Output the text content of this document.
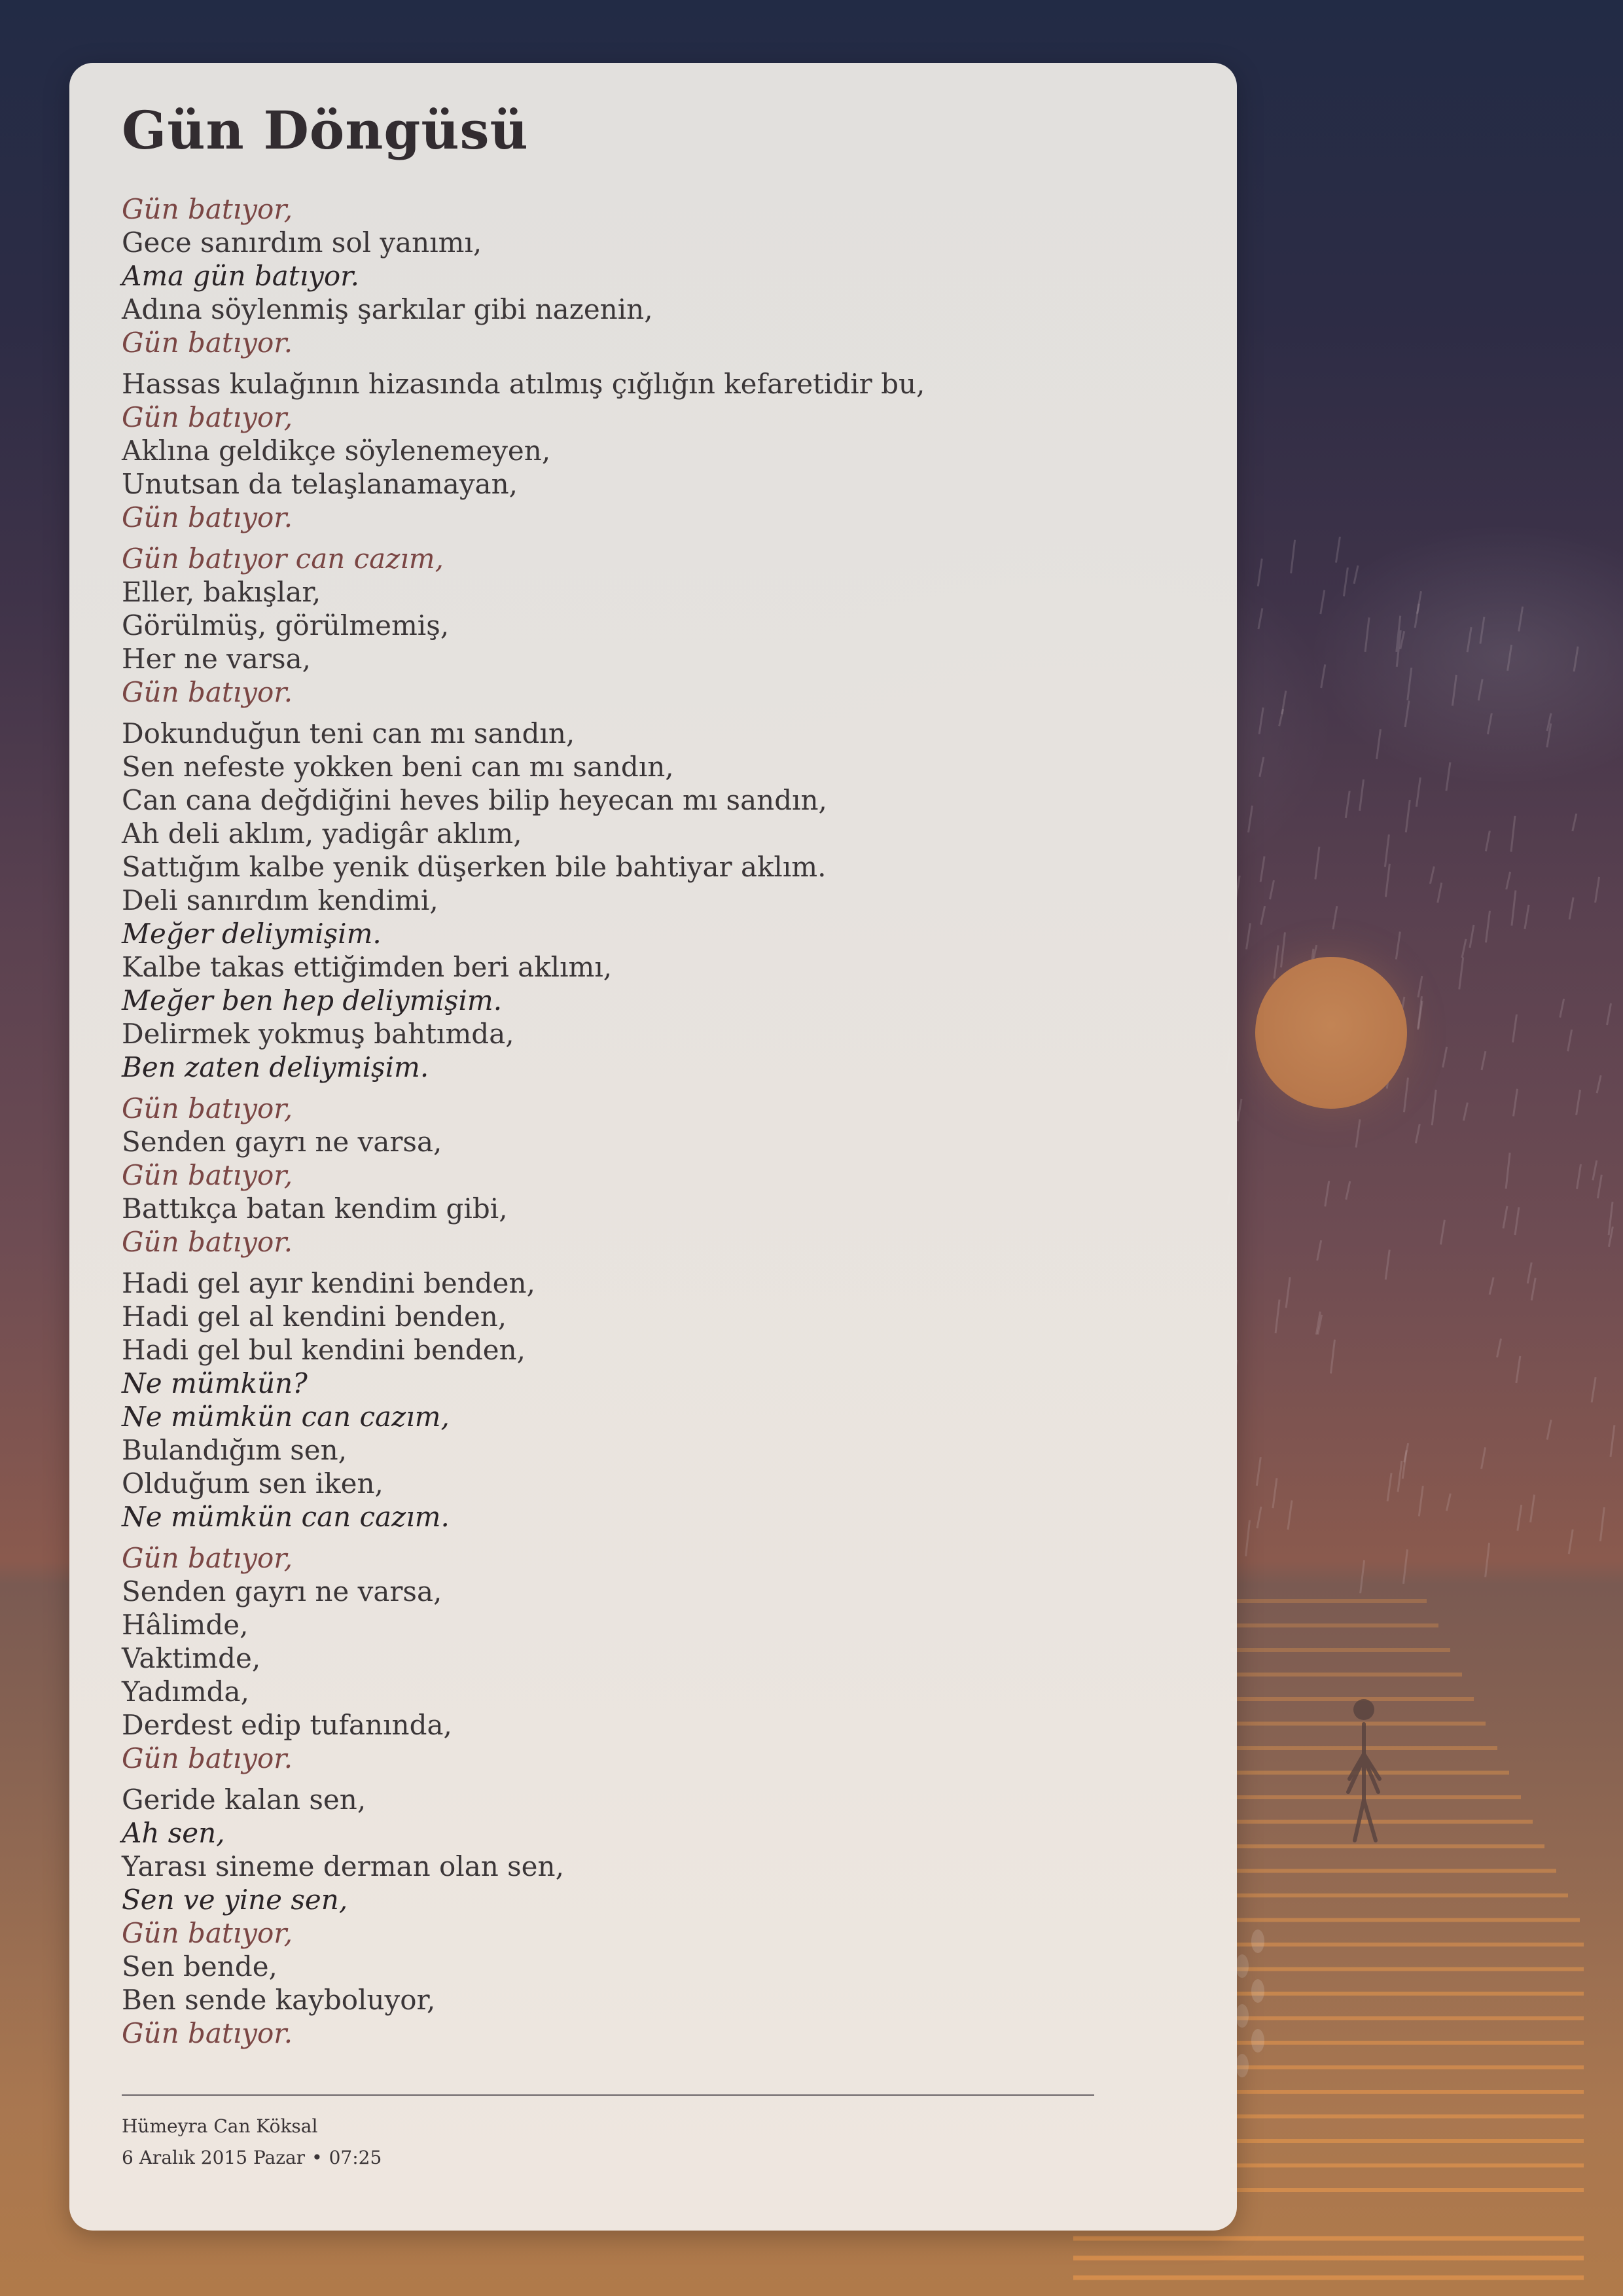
Gün Döngüsü
Gün batıyor,
Gece sanırdım sol yanımı,
Ama gün batıyor.
Adına söylenmiş şarkılar gibi nazenin,
Gün batıyor.
Hassas kulağının hizasında atılmış çığlığın kefaretidir bu,
Gün batıyor,
Aklına geldikçe söylenemeyen,
Unutsan da telaşlanamayan,
Gün batıyor.
Gün batıyor can cazım,
Eller, bakışlar,
Görülmüş, görülmemiş,
Her ne varsa,
Gün batıyor.
Dokunduğun teni can mı sandın,
Sen nefeste yokken beni can mı sandın,
Can cana değdiğini heves bilip heyecan mı sandın,
Ah deli aklım, yadigâr aklım,
Sattığım kalbe yenik düşerken bile bahtiyar aklım.
Deli sanırdım kendimi,
Meğer deliymişim.
Kalbe takas ettiğimden beri aklımı,
Meğer ben hep deliymişim.
Delirmek yokmuş bahtımda,
Ben zaten deliymişim.
Gün batıyor,
Senden gayrı ne varsa,
Gün batıyor,
Battıkça batan kendim gibi,
Gün batıyor.
Hadi gel ayır kendini benden,
Hadi gel al kendini benden,
Hadi gel bul kendini benden,
Ne mümkün?
Ne mümkün can cazım,
Bulandığım sen,
Olduğum sen iken,
Ne mümkün can cazım.
Gün batıyor,
Senden gayrı ne varsa,
Hâlimde,
Vaktimde,
Yadımda,
Derdest edip tufanında,
Gün batıyor.
Geride kalan sen,
Ah sen,
Yarası sineme derman olan sen,
Sen ve yine sen,
Gün batıyor,
Sen bende,
Ben sende kayboluyor,
Gün batıyor.
Hümeyra Can Köksal
6 Aralık 2015 Pazar • 07:25
